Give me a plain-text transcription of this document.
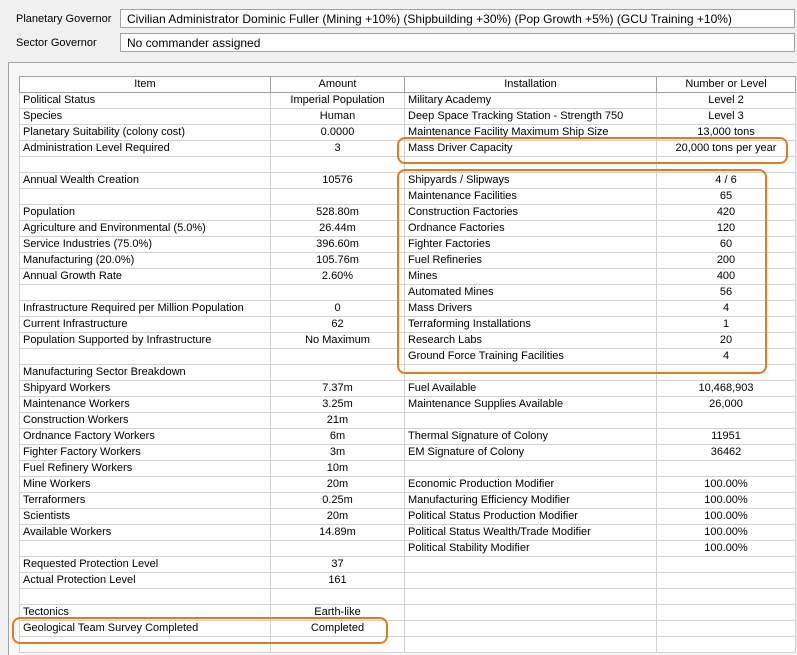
Planetary Governor	Civilian Administrator Dominic Fuller (Mining +10%) (Shipbuilding +30%) (Pop Growth +5%) (GCU Training +10%)
Sector Governor	No commander assigned
Item	Amount	Installation	Number or Level
Political Status	Imperial Population	Military Academy	Level 2
Species	Human	Deep Space Tracking Station - Strength 750	Level 3
Planetary Suitability (colony cost)	0.0000	Maintenance Facility Maximum Ship Size	13,000 tons
Administration Level Required	3	Mass Driver Capacity	20,000 tons per year

Annual Wealth Creation	10576	Shipyards / Slipways	4 / 6
		Maintenance Facilities	65
Population	528.80m	Construction Factories	420
Agriculture and Environmental (5.0%)	26.44m	Ordnance Factories	120
Service Industries (75.0%)	396.60m	Fighter Factories	60
Manufacturing (20.0%)	105.76m	Fuel Refineries	200
Annual Growth Rate	2.60%	Mines	400
		Automated Mines	56
Infrastructure Required per Million Population	0	Mass Drivers	4
Current Infrastructure	62	Terraforming Installations	1
Population Supported by Infrastructure	No Maximum	Research Labs	20
		Ground Force Training Facilities	4
Manufacturing Sector Breakdown			
Shipyard Workers	7.37m	Fuel Available	10,468,903
Maintenance Workers	3.25m	Maintenance Supplies Available	26,000
Construction Workers	21m		
Ordnance Factory Workers	6m	Thermal Signature of Colony	11951
Fighter Factory Workers	3m	EM Signature of Colony	36462
Fuel Refinery Workers	10m		
Mine Workers	20m	Economic Production Modifier	100.00%
Terraformers	0.25m	Manufacturing Efficiency Modifier	100.00%
Scientists	20m	Political Status Production Modifier	100.00%
Available Workers	14.89m	Political Status Wealth/Trade Modifier	100.00%
		Political Stability Modifier	100.00%
Requested Protection Level	37		
Actual Protection Level	161		

Tectonics	Earth-like		
Geological Team Survey Completed	Completed		
